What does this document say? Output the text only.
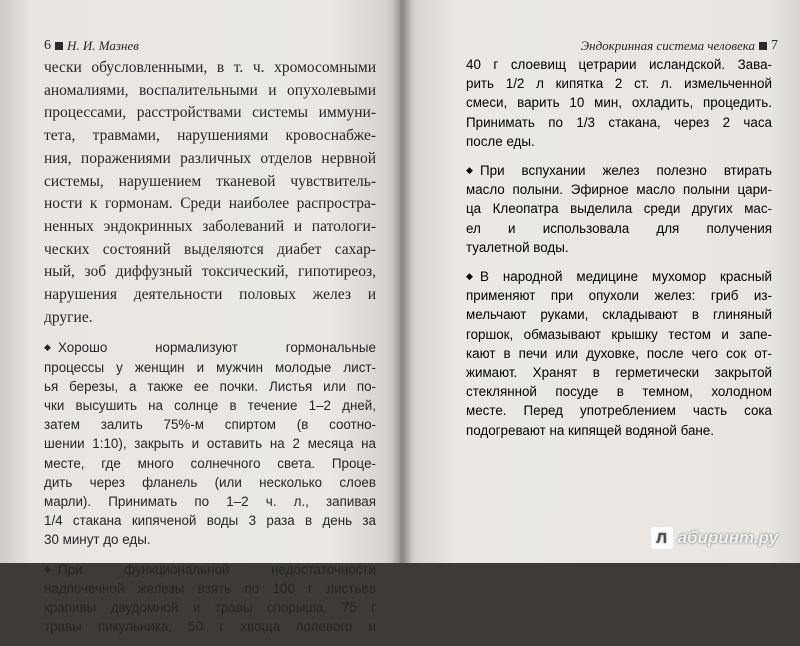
6 Н. И. Мазнев
чески обусловленными, в т. ч. хромосомными
аномалиями, воспалительными и опухолевыми
процессами, расстройствами системы иммуни-
тета, травмами, нарушениями кровоснабже-
ния, поражениями различных отделов нервной
системы, нарушением тканевой чувствитель-
ности к гормонам. Среди наиболее распростра-
ненных эндокринных заболеваний и патологи-
ческих состояний выделяются диабет сахар-
ный, зоб диффузный токсический, гипотиреоз,
нарушения деятельности половых желез и
другие.
◆ Хорошо нормализуют гормональные
процессы у женщин и мужчин молодые лист-
ья березы, а также ее почки. Листья или по-
чки высушить на солнце в течение 1–2 дней,
затем залить 75%-м спиртом (в соотно-
шении 1:10), закрыть и оставить на 2 месяца на
месте, где много солнечного света. Процe-
дить через фланель (или несколько слоев
марли). Принимать по 1–2 ч. л., запивая
1/4 стакана кипяченой воды 3 раза в день за
30 минут до еды.
◆ При функциональной недостаточности
надпочечной железы взять по 100 г листьев
крапивы двудомной и травы спорыша, 75 г
травы пикульника, 50 г хвоща полевого и
Эндокринная система человека 7
40 г слоевищ цетрарии исландской. Зава-
рить 1/2 л кипятка 2 ст. л. измельченной
смеси, варить 10 мин, охладить, процедить.
Принимать по 1/3 стакана, через 2 часа
после еды.
◆ При вспухании желез полезно втирать
масло полыни. Эфирное масло полыни цари-
ца Клеопатра выделила среди других мас-
ел и использовала для получения
туалетной воды.
◆ В народной медицине мухомор красный
применяют при опухоли желез: гриб из-
мельчают руками, складывают в глиняный
горшок, обмазывают крышку тестом и запе-
кают в печи или духовке, после чего сок от-
жимают. Хранят в герметически закрытой
стеклянной посуде в темном, холодном
месте. Перед употреблением часть сока
подогревают на кипящей водяной бане.
Л абиринт.ру
